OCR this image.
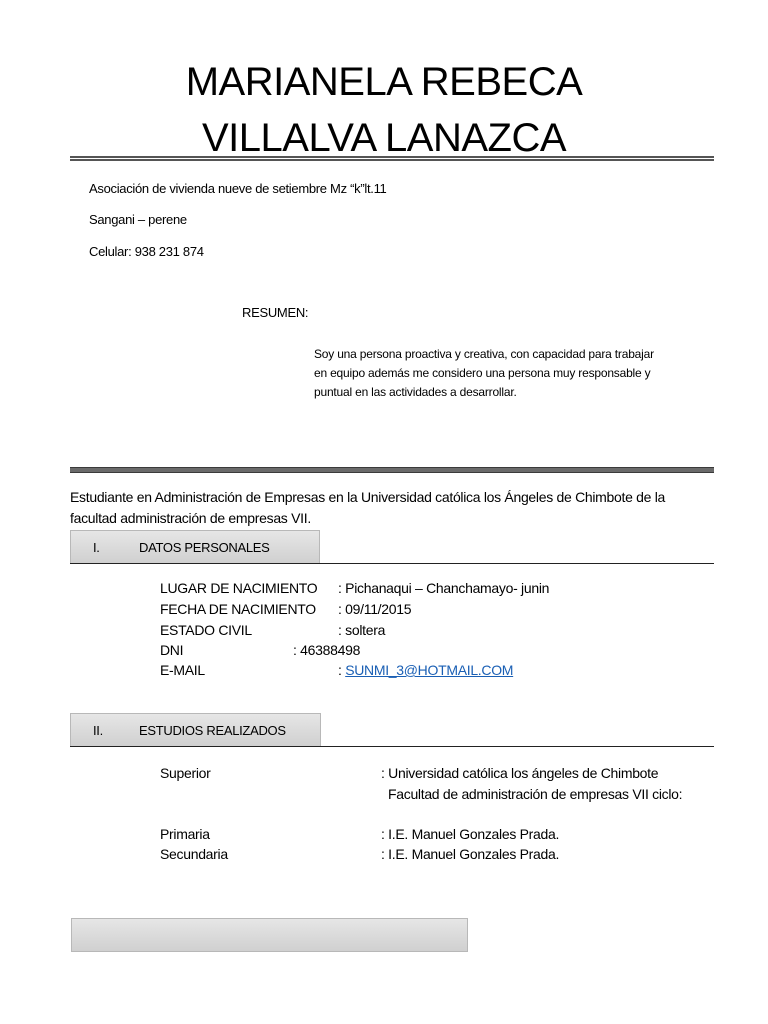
MARIANELA REBECA
VILLALVA LANAZCA
Asociación de vivienda nueve de setiembre Mz “k”lt.11
Sangani – perene
Celular: 938 231 874
RESUMEN:
Soy una persona proactiva y creativa, con capacidad para trabajar
en equipo además me considero una persona muy responsable y
puntual en las actividades a desarrollar.
Estudiante en Administración de Empresas en la Universidad católica los Ángeles de Chimbote de la
facultad administración de empresas VII.
I.	DATOS PERSONALES
LUGAR DE NACIMIENTO : Pichanaqui – Chanchamayo- junin
FECHA DE NACIMIENTO : 09/11/2015
ESTADO CIVIL	: soltera
DNI	: 46388498
E-MAIL	: SUNMI_3@HOTMAIL.COM
II.	ESTUDIOS REALIZADOS
Superior	: Universidad católica los ángeles de Chimbote
Facultad de administración de empresas VII ciclo:
Primaria	: I.E. Manuel Gonzales Prada.
Secundaria	: I.E. Manuel Gonzales Prada.
